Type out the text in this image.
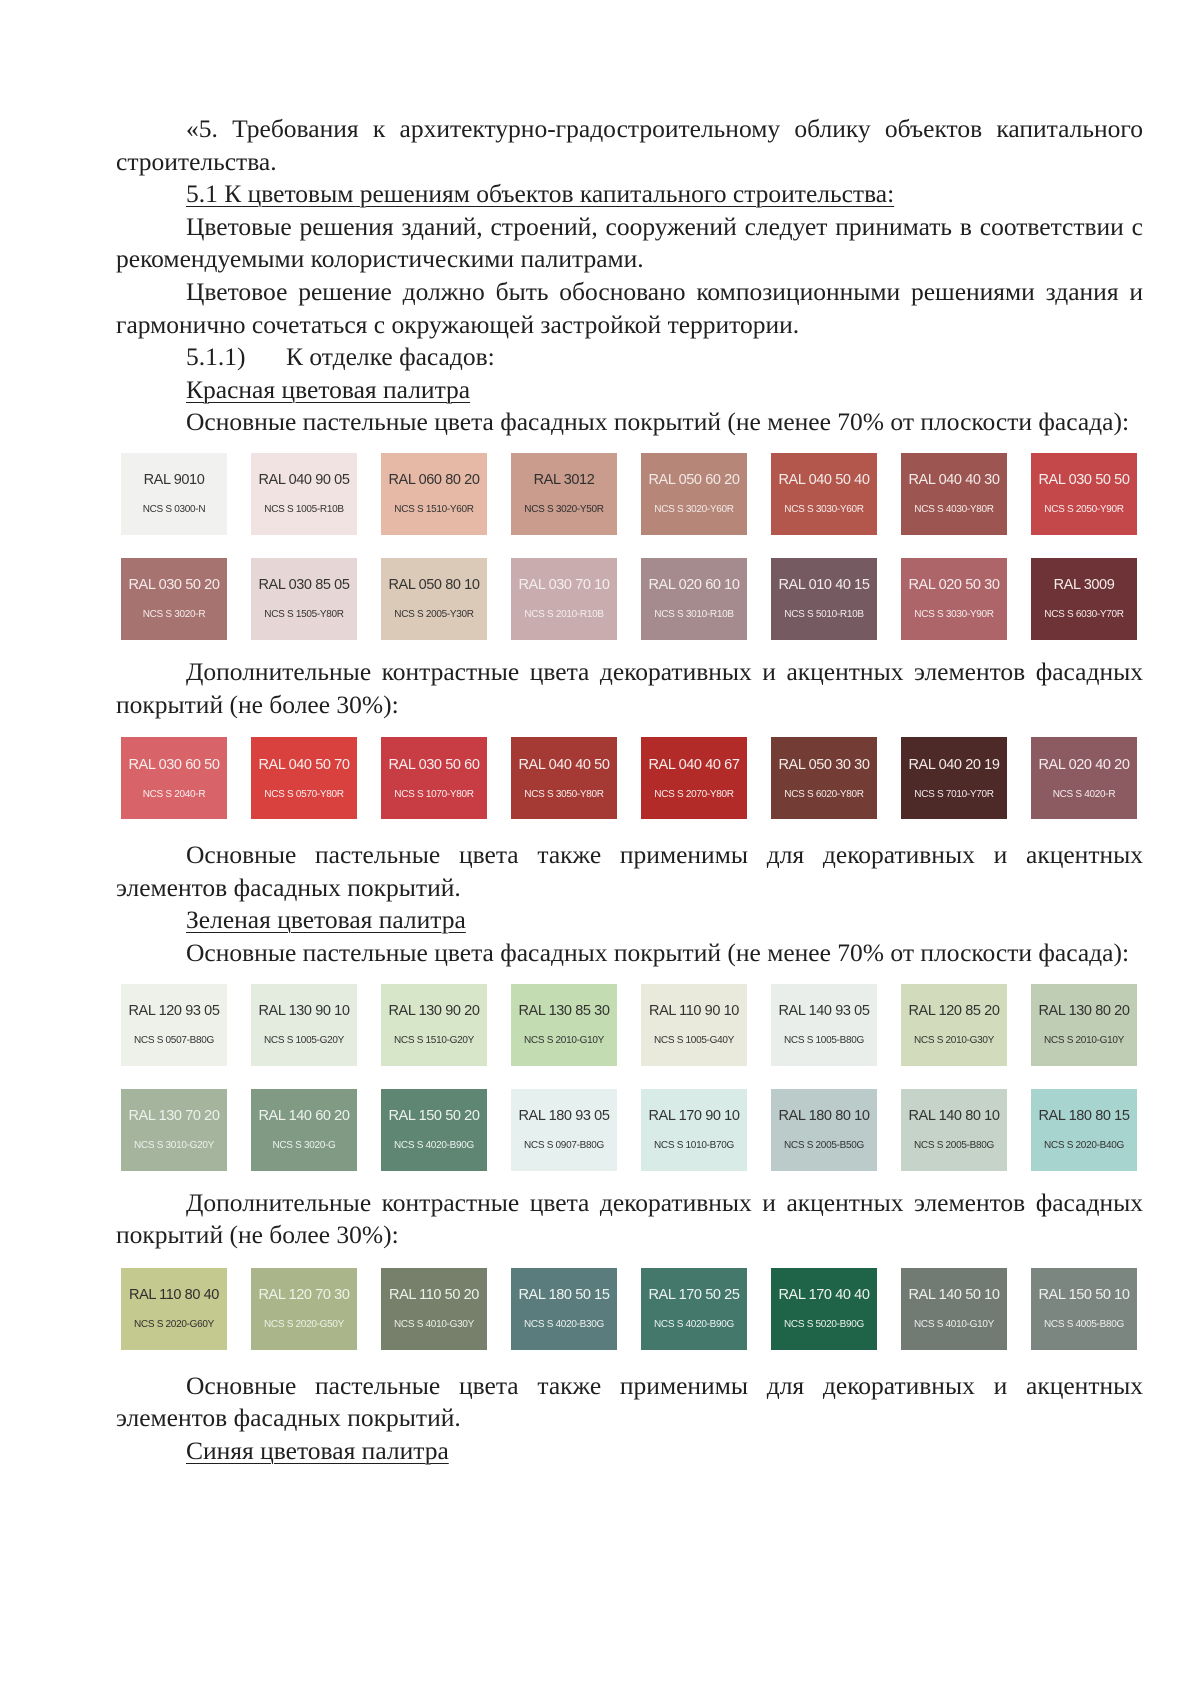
«5. Требования к архитектурно-градостроительному облику объектов капитального строительства.

5.1 К цветовым решениям объектов капитального строительства:

Цветовые решения зданий, строений, сооружений следует принимать в соответствии с рекомендуемыми колористическими палитрами.

Цветовое решение должно быть обосновано композиционными решениями здания и гармонично сочетаться с окружающей застройкой территории.

5.1.1) К отделке фасадов:

Красная цветовая палитра

Основные пастельные цвета фасадных покрытий (не менее 70% от плоскости фасада):

RAL 9010
NCS S 0300-N
RAL 040 90 05
NCS S 1005-R10B
RAL 060 80 20
NCS S 1510-Y60R
RAL 3012
NCS S 3020-Y50R
RAL 050 60 20
NCS S 3020-Y60R
RAL 040 50 40
NCS S 3030-Y60R
RAL 040 40 30
NCS S 4030-Y80R
RAL 030 50 50
NCS S 2050-Y90R
RAL 030 50 20
NCS S 3020-R
RAL 030 85 05
NCS S 1505-Y80R
RAL 050 80 10
NCS S 2005-Y30R
RAL 030 70 10
NCS S 2010-R10B
RAL 020 60 10
NCS S 3010-R10B
RAL 010 40 15
NCS S 5010-R10B
RAL 020 50 30
NCS S 3030-Y90R
RAL 3009
NCS S 6030-Y70R

Дополнительные контрастные цвета декоративных и акцентных элементов фасадных покрытий (не более 30%):

RAL 030 60 50
NCS S 2040-R
RAL 040 50 70
NCS S 0570-Y80R
RAL 030 50 60
NCS S 1070-Y80R
RAL 040 40 50
NCS S 3050-Y80R
RAL 040 40 67
NCS S 2070-Y80R
RAL 050 30 30
NCS S 6020-Y80R
RAL 040 20 19
NCS S 7010-Y70R
RAL 020 40 20
NCS S 4020-R

Основные пастельные цвета также применимы для декоративных и акцентных элементов фасадных покрытий.

Зеленая цветовая палитра

Основные пастельные цвета фасадных покрытий (не менее 70% от плоскости фасада):

RAL 120 93 05
NCS S 0507-B80G
RAL 130 90 10
NCS S 1005-G20Y
RAL 130 90 20
NCS S 1510-G20Y
RAL 130 85 30
NCS S 2010-G10Y
RAL 110 90 10
NCS S 1005-G40Y
RAL 140 93 05
NCS S 1005-B80G
RAL 120 85 20
NCS S 2010-G30Y
RAL 130 80 20
NCS S 2010-G10Y
RAL 130 70 20
NCS S 3010-G20Y
RAL 140 60 20
NCS S 3020-G
RAL 150 50 20
NCS S 4020-B90G
RAL 180 93 05
NCS S 0907-B80G
RAL 170 90 10
NCS S 1010-B70G
RAL 180 80 10
NCS S 2005-B50G
RAL 140 80 10
NCS S 2005-B80G
RAL 180 80 15
NCS S 2020-B40G

Дополнительные контрастные цвета декоративных и акцентных элементов фасадных покрытий (не более 30%):

RAL 110 80 40
NCS S 2020-G60Y
RAL 120 70 30
NCS S 2020-G50Y
RAL 110 50 20
NCS S 4010-G30Y
RAL 180 50 15
NCS S 4020-B30G
RAL 170 50 25
NCS S 4020-B90G
RAL 170 40 40
NCS S 5020-B90G
RAL 140 50 10
NCS S 4010-G10Y
RAL 150 50 10
NCS S 4005-B80G

Основные пастельные цвета также применимы для декоративных и акцентных элементов фасадных покрытий.

Синяя цветовая палитра
